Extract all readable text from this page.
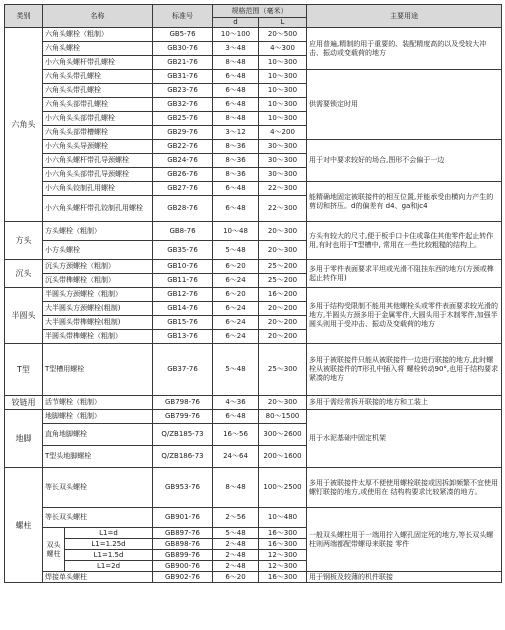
类别	名称		标准号	规格范围（毫米）		主要用途
				d	L	
六角头	六角头螺栓（粗制）		GB5-76	10～100	20～500	应用普遍,精制的用于重要的、装配精度高的以及受较大冲击、振动或变载荷的地方
	六角头螺栓		GB30-76	3～48	4～300	
	小六角头螺杆带孔螺栓		GB21-76	8～48	10～300	
	六角头头带孔螺栓		GB31-76	6～48	10～300	供需要锁定时用
	六角头头带孔螺栓		GB23-76	6～48	10～300	
	六角头头部带孔螺栓		GB32-76	6～48	10～300	
	小六角头头部带孔螺栓		GB25-76	8～48	10～300	
	六角头头部带槽螺栓		GB29-76	3～12	4～200	
	小六角头头导颈螺栓		GB22-76	8～36	30～300	用于对中要求较好的场合,图形不会偏于一边
	小六角头螺杆带孔导颈螺栓		GB24-76	8～36	30～300	
	小六角头头部带孔导颈螺栓		GB26-76	8～36	30～300	
	小六角头铰制孔用螺栓		GB27-76	6～48	22～300	能精确地固定被联接件的相互位置,并能承受由横向力产生的剪切和挤压。d的偏差有 d4、ga和jc4
	小六角头螺杆带孔铰制孔用螺栓		GB28-76	6～48	22～300	
方头	方头螺栓（粗制）		GB8-76	10～48	20～300	方头有较大的尺寸,便于板手口卡住或靠住其他零件起止转作用,有时也用于T型槽中, 常用在一些比较粗糙的结构上。
	小方头螺栓		GB35-76	5～48	20～300	
沉头	沉头方颈螺栓（粗制）		GB10-76	6～20	25～200	多用于零件表面要求平坦或光滑不阻挂东西的地方(方颈或榫起止转作用)
	沉头带榫螺栓（粗制）		GB11-76	6～24	25～200	
半圆头	半圆头方颈螺栓（粗制）		GB12-76	6～20	16～200	多用于结构受限制不能用其他螺栓头或零件表面要求较光滑的地方,半圆头方颈多用于金属零件,大圆头用于木制零件,加强半圆头则用于受冲击、振动及变载荷的地方
	大半圆头方颈螺栓(粗制)		GB14-76	6～24	20～200	
	大半圆头带榫螺栓(粗制)		GB15-76	6～24	20～200	
	半圆头带榫螺栓（粗制）		GB13-76	6～24	20～200	
T型	T型槽用螺栓		GB37-76	5～48	25～300	多用于被联接件只能从被联接件一边进行联接的地方,此时螺栓从被联接件的T形孔中插入将 螺栓转动90°,也用于结构要求紧凑的地方
铰链用	活节螺栓（粗制）		GB798-76	4～36	20～300	多用于需经常拆开联接的地方和工装上
地脚	地脚螺栓（粗制）		GB799-76	6～48	80～1500	用于水泥基础中固定机架
	直角地脚螺栓		Q/ZB185-73	16～56	300～2600	
	T型头地脚螺栓		Q/ZB186-73	24～64	200～1600	
螺柱	等长双头螺栓		GB953-76	8～48	100～2500	多用于被联接件太厚不便使用螺栓联接或因拆卸频繁不宜使用螺钉联接的地方,或使用在 结构构要求比较紧凑的地方。
	等长双头螺柱		GB901-76	2～56	10～480	一般双头螺柱用于一端用拧入螺孔固定死的地方,等长双头螺柱则两端都配带螺母来联接 零件
	双头螺柱	L1=d	GB897-76	5～48	16～300	
		L1=1.25d	GB898-76	2～48	16～300	
		L1=1.5d	GB899-76	2～48	12～300	
		L1=2d	GB900-76	2～48	12～300	
	焊接单头螺柱		GB902-76	6～20	16～300	用于钢板及较薄的机件联接
